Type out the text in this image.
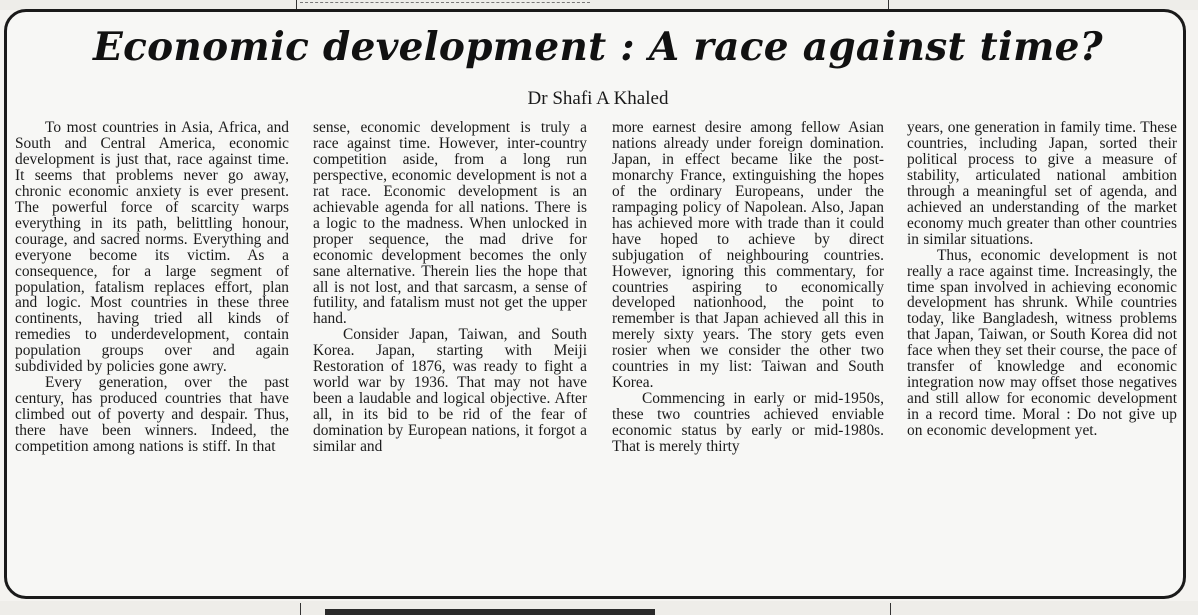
Economic development : A race against time?
Dr Shafi A Khaled

To most countries in Asia, Africa, and South and Central America, economic development is just that, race against time. It seems that problems never go away, chronic economic anxiety is ever present. The powerful force of scarcity warps everything in its path, belittling honour, courage, and sacred norms. Everything and everyone become its victim. As a consequence, for a large segment of population, fatalism replaces effort, plan and logic. Most countries in these three continents, having tried all kinds of remedies to underdevelopment, contain population groups over and again subdivided by policies gone awry.

Every generation, over the past century, has produced countries that have climbed out of poverty and despair. Thus, there have been winners. Indeed, the competition among nations is stiff. In that

sense, economic development is truly a race against time. However, inter-country competition aside, from a long run perspective, economic development is not a rat race. Economic development is an achievable agenda for all nations. There is a logic to the madness. When unlocked in proper sequence, the mad drive for economic development becomes the only sane alternative. Therein lies the hope that all is not lost, and that sarcasm, a sense of futility, and fatalism must not get the upper hand.

Consider Japan, Taiwan, and South Korea. Japan, starting with Meiji Restoration of 1876, was ready to fight a world war by 1936. That may not have been a laudable and logical objective. After all, in its bid to be rid of the fear of domination by European nations, it forgot a similar and

more earnest desire among fellow Asian nations already under foreign domination. Japan, in effect became like the post-monarchy France, extinguishing the hopes of the ordinary Europeans, under the rampaging policy of Napolean. Also, Japan has achieved more with trade than it could have hoped to achieve by direct subjugation of neighbouring countries. However, ignoring this commentary, for countries aspiring to economically developed nationhood, the point to remember is that Japan achieved all this in merely sixty years. The story gets even rosier when we consider the other two countries in my list: Taiwan and South Korea.

Commencing in early or mid-1950s, these two countries achieved enviable economic status by early or mid-1980s. That is merely thirty

years, one generation in family time. These countries, including Japan, sorted their political process to give a measure of stability, articulated national ambition through a meaningful set of agenda, and achieved an understanding of the market economy much greater than other countries in similar situations.

Thus, economic development is not really a race against time. Increasingly, the time span involved in achieving economic development has shrunk. While countries today, like Bangladesh, witness problems that Japan, Taiwan, or South Korea did not face when they set their course, the pace of transfer of knowledge and economic integration now may offset those negatives and still allow for economic development in a record time. Moral : Do not give up on economic development yet.
